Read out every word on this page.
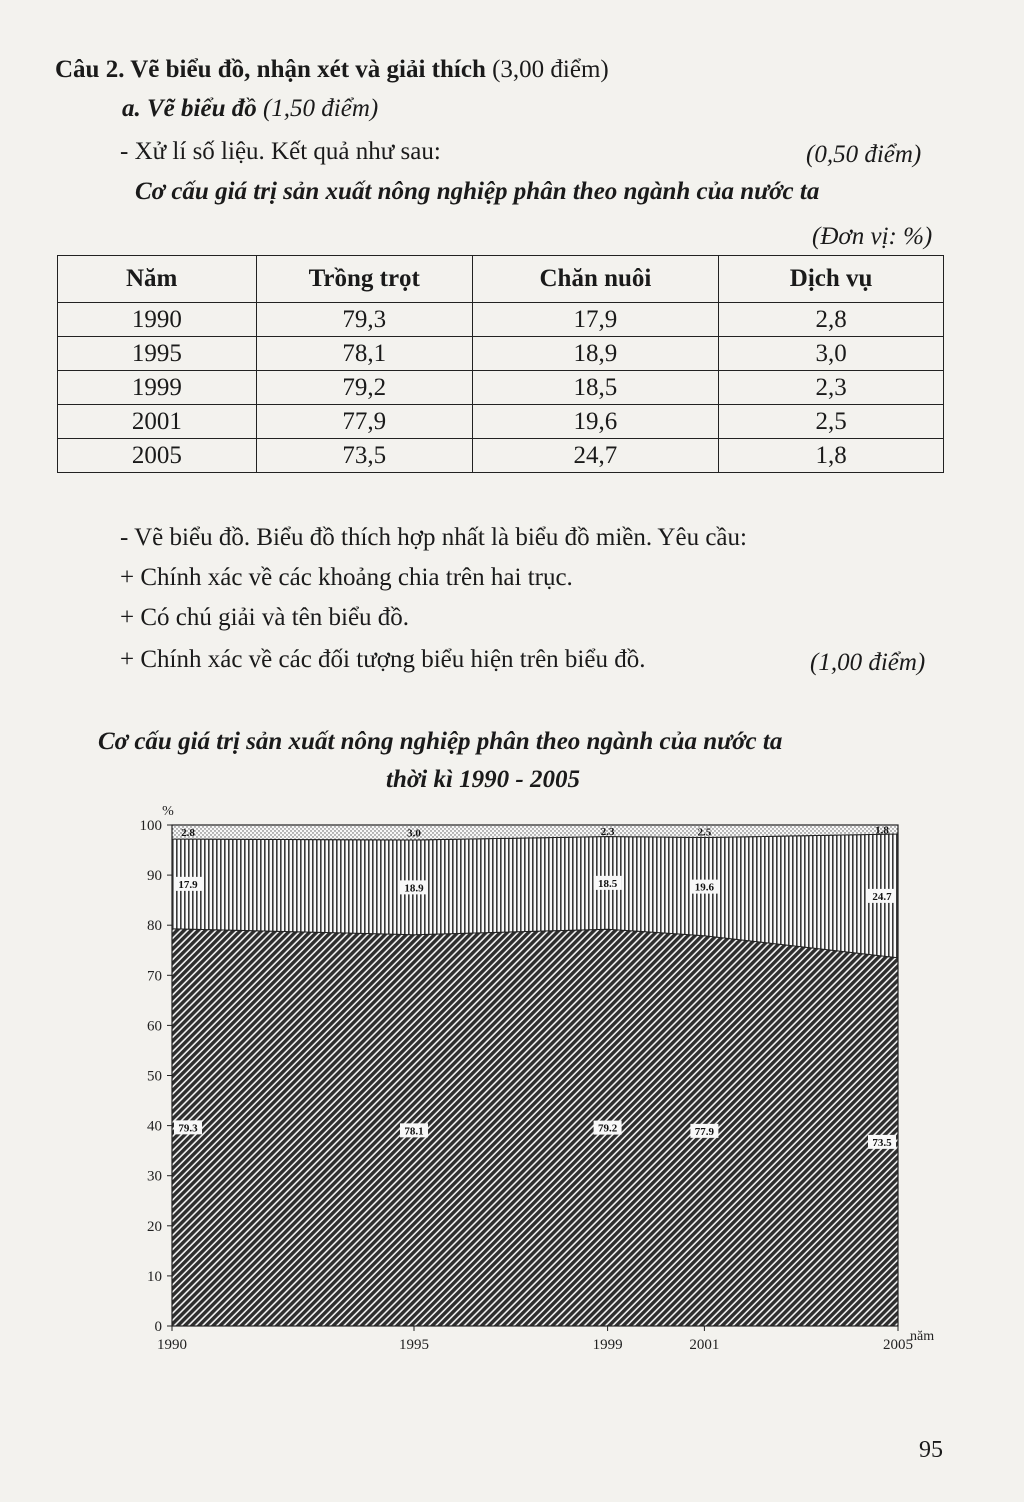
Câu 2. Vẽ biểu đồ, nhận xét và giải thích (3,00 điểm)
a. Vẽ biểu đồ (1,50 điểm)
- Xử lí số liệu. Kết quả như sau:	(0,50 điểm)
Cơ cấu giá trị sản xuất nông nghiệp phân theo ngành của nước ta
(Đơn vị: %)
Năm	Trồng trọt	Chăn nuôi	Dịch vụ
1990	79,3	17,9	2,8
1995	78,1	18,9	3,0
1999	79,2	18,5	2,3
2001	77,9	19,6	2,5
2005	73,5	24,7	1,8
- Vẽ biểu đồ. Biểu đồ thích hợp nhất là biểu đồ miền. Yêu cầu:
+ Chính xác về các khoảng chia trên hai trục.
+ Có chú giải và tên biểu đồ.
+ Chính xác về các đối tượng biểu hiện trên biểu đồ.	(1,00 điểm)
Cơ cấu giá trị sản xuất nông nghiệp phân theo ngành của nước ta
thời kì 1990 - 2005
0
10
20
30
40
50
60
70
80
90
100
1990	1995	1999	2001	2005
%
năm
79.3	78.1	79.2	77.9
73.5
17.9	18.9	18.5	19.6
24.7
2.8	3.0	2.3	2.5	1.8
95
